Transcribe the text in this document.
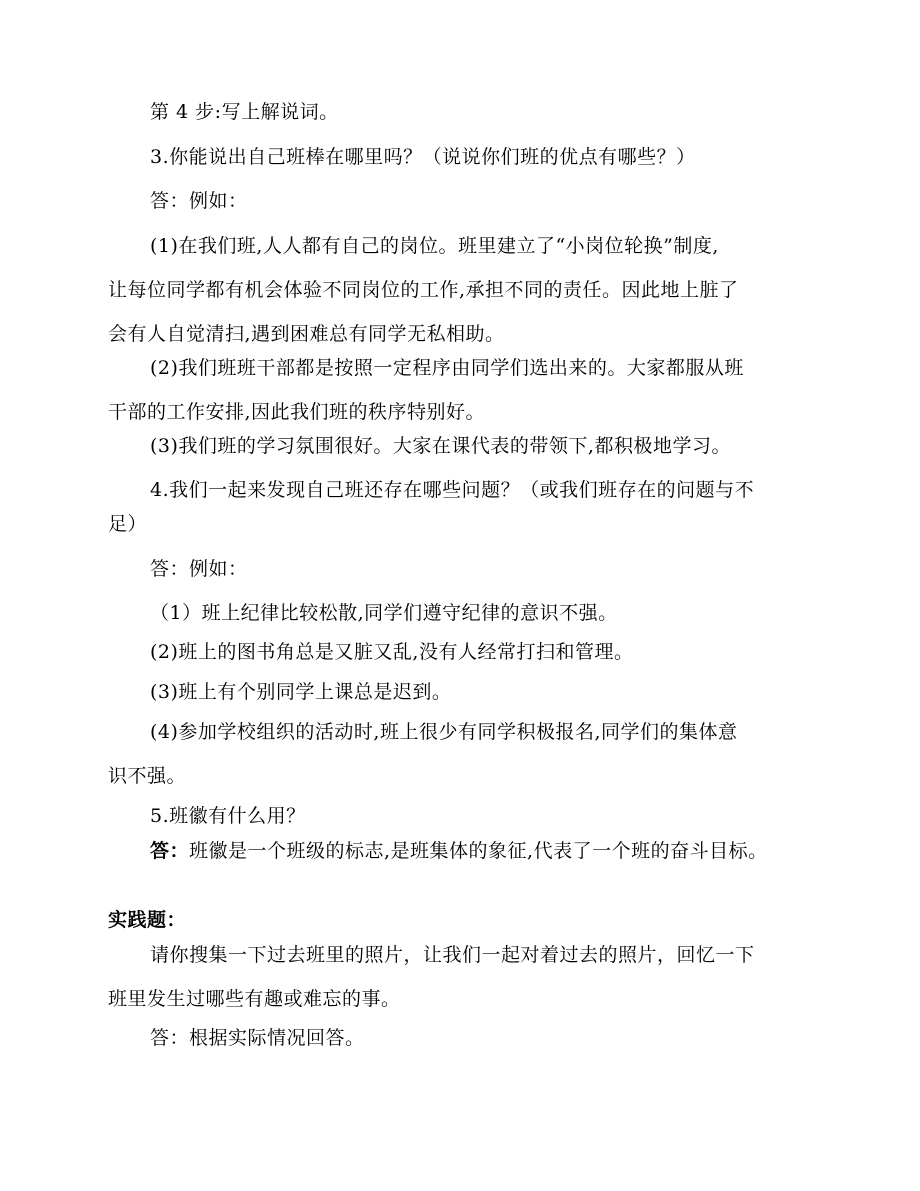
第 4 步:写上解说词。
3.你能说出自己班棒在哪里吗？（说说你们班的优点有哪些？）
答：例如：
(1)在我们班,人人都有自己的岗位。班里建立了“小岗位轮换”制度,
让每位同学都有机会体验不同岗位的工作,承担不同的责任。因此地上脏了
会有人自觉清扫,遇到困难总有同学无私相助。
(2)我们班班干部都是按照一定程序由同学们选出来的。大家都服从班
干部的工作安排,因此我们班的秩序特别好。
(3)我们班的学习氛围很好。大家在课代表的带领下,都积极地学习。
4.我们一起来发现自己班还存在哪些问题？（或我们班存在的问题与不
足）
答：例如：
（1）班上纪律比较松散,同学们遵守纪律的意识不强。
(2)班上的图书角总是又脏又乱,没有人经常打扫和管理。
(3)班上有个别同学上课总是迟到。
(4)参加学校组织的活动时,班上很少有同学积极报名,同学们的集体意
识不强。
5.班徽有什么用？
答：班徽是一个班级的标志,是班集体的象征,代表了一个班的奋斗目标。
实践题：
请你搜集一下过去班里的照片，让我们一起对着过去的照片，回忆一下
班里发生过哪些有趣或难忘的事。
答：根据实际情况回答。
